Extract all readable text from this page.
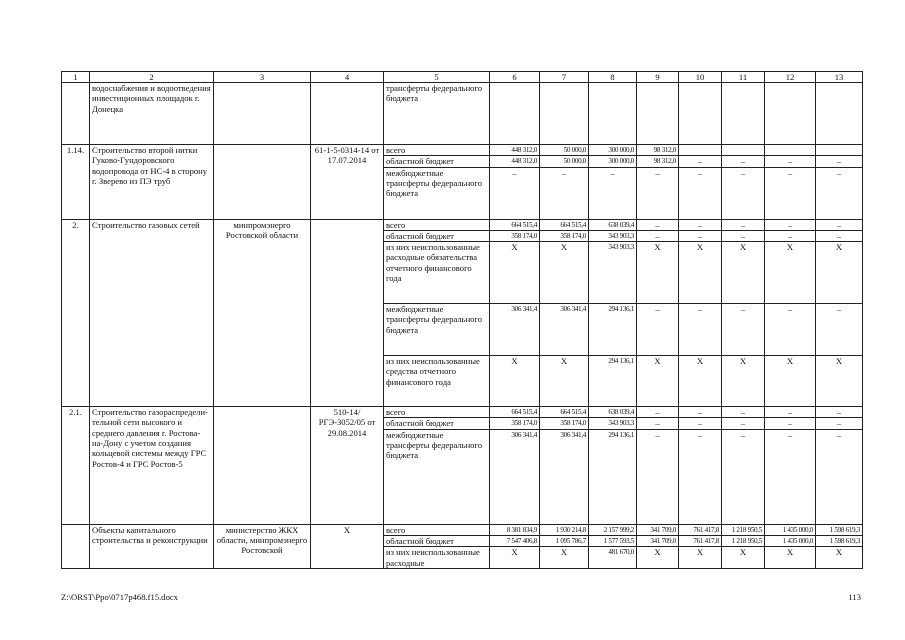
1	2	3	4	5	6	7	8	9	10	11	12	13
	водоснабжения и водоотведения инвестиционных площадок г. Донецка			трансферты федерального бюджета								
1.14.	Строительство второй нитки Гуково-Гундоровского водопровода от НС-4 в сторону г. Зверево из ПЭ труб		61-1-5-0314-14 от 17.07.2014	всего	448 312,0	50 000,0	300 000,0	98 312,0				
				областной бюджет	448 312,0	50 000,0	300 000,0	98 312,0	–	–	–	–
				межбюджетные трансферты федерального бюджета	–	–	–	–	–	–	–	–
2.	Строительство газовых сетей	минпромэнерго Ростовской области		всего	664 515,4	664 515,4	638 039,4	–	–	–	–	–
				областной бюджет	358 174,0	358 174,0	343 903,3	–	–	–	–	–
				из них неиспользованные расходные обязательства отчетного финансового года	X	X	343 903,3	X	X	X	X	X
				межбюджетные трансферты федерального бюджета	306 341,4	306 341,4	294 136,1	–	–	–	–	–
				из них неиспользованные средства отчетного финансового года	X	X	294 136,1	X	X	X	X	X
2.1.	Строительство газораспредели-тельной сети высокого и среднего давления г. Ростова-на-Дону с учетом создания кольцевой системы между ГРС Ростов-4 и ГРС Ростов-5		510-14/РГЭ-3052/05 от 29.08.2014	всего	664 515,4	664 515,4	638 039,4	–	–	–	–	–
				областной бюджет	358 174,0	358 174,0	343 903,3	–	–	–	–	–
				межбюджетные трансферты федерального бюджета	306 341,4	306 341,4	294 136,1	–	–	–	–	–
	Объекты капитального строительства и реконструкции	министерство ЖКХ области, минпромэнерго Ростовской	X	всего	8 381 834,9	1 930 214,8	2 157 999,2	341 709,0	761 417,8	1 218 950,5	1 435 000,0	1 598 619,3
				областной бюджет	7 547 406,8	1 095 786,7	1 577 593,5	341 709,0	761 417,8	1 218 950,5	1 435 000,0	1 598 619,3
				из них неиспользованные расходные	X	X	481 670,0	X	X	X	X	X
Z:\ORST\Ppo\0717p468.f15.docx	113
